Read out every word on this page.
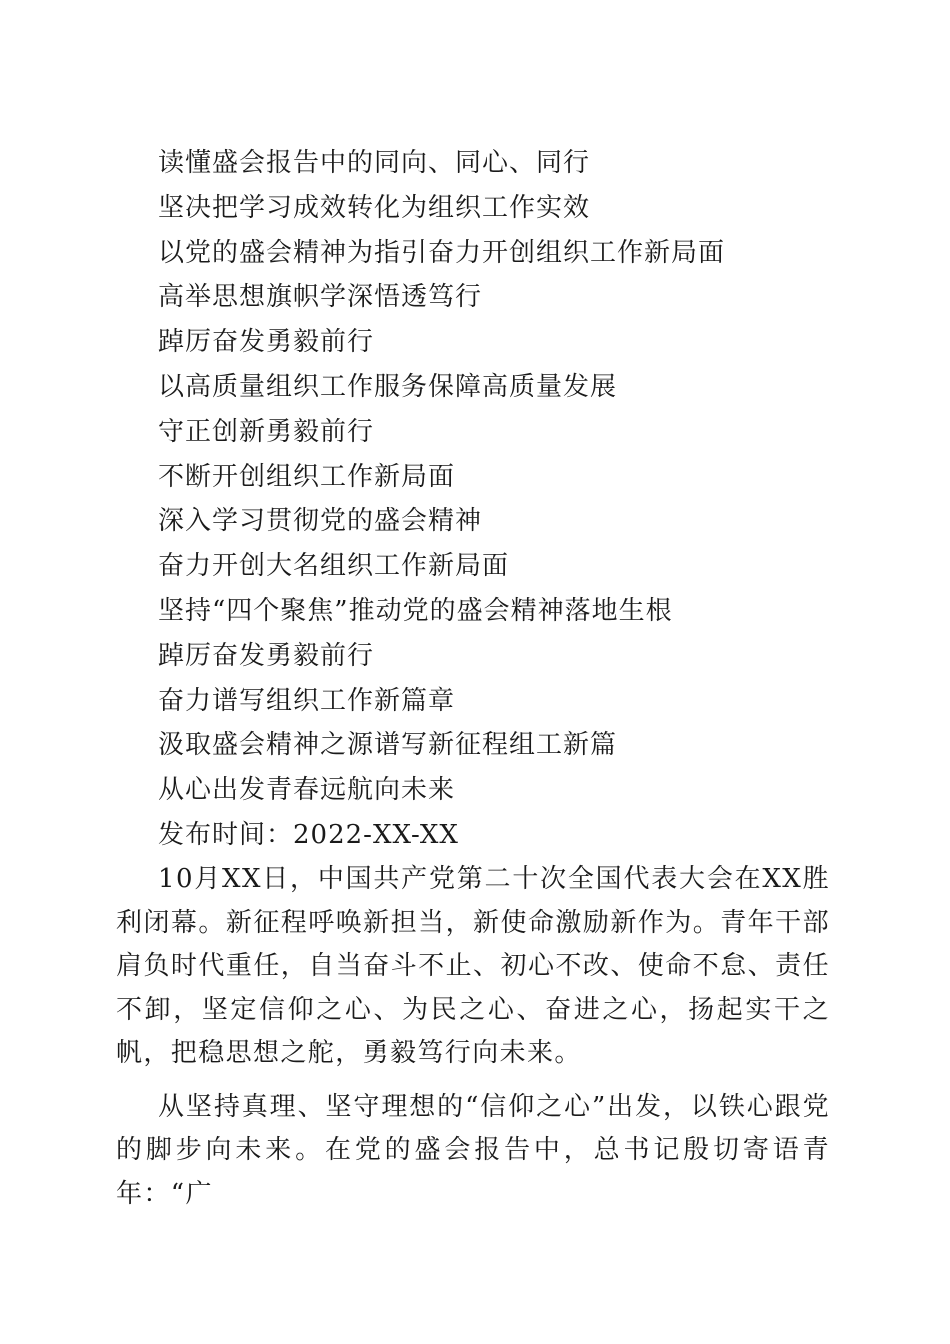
读懂盛会报告中的同向、同心、同行
坚决把学习成效转化为组织工作实效
以党的盛会精神为指引奋力开创组织工作新局面
高举思想旗帜学深悟透笃行
踔厉奋发勇毅前行
以高质量组织工作服务保障高质量发展
守正创新勇毅前行
不断开创组织工作新局面
深入学习贯彻党的盛会精神
奋力开创大名组织工作新局面
坚持“四个聚焦”推动党的盛会精神落地生根
踔厉奋发勇毅前行
奋力谱写组织工作新篇章
汲取盛会精神之源谱写新征程组工新篇
从心出发青春远航向未来
发布时间：2022-XX-XX

10月XX日，中国共产党第二十次全国代表大会在XX胜利闭幕。新征程呼唤新担当，新使命激励新作为。青年干部肩负时代重任，自当奋斗不止、初心不改、使命不怠、责任不卸，坚定信仰之心、为民之心、奋进之心，扬起实干之帆，把稳思想之舵，勇毅笃行向未来。

从坚持真理、坚守理想的“信仰之心”出发，以铁心跟党的脚步向未来。在党的盛会报告中，总书记殷切寄语青年：“广
